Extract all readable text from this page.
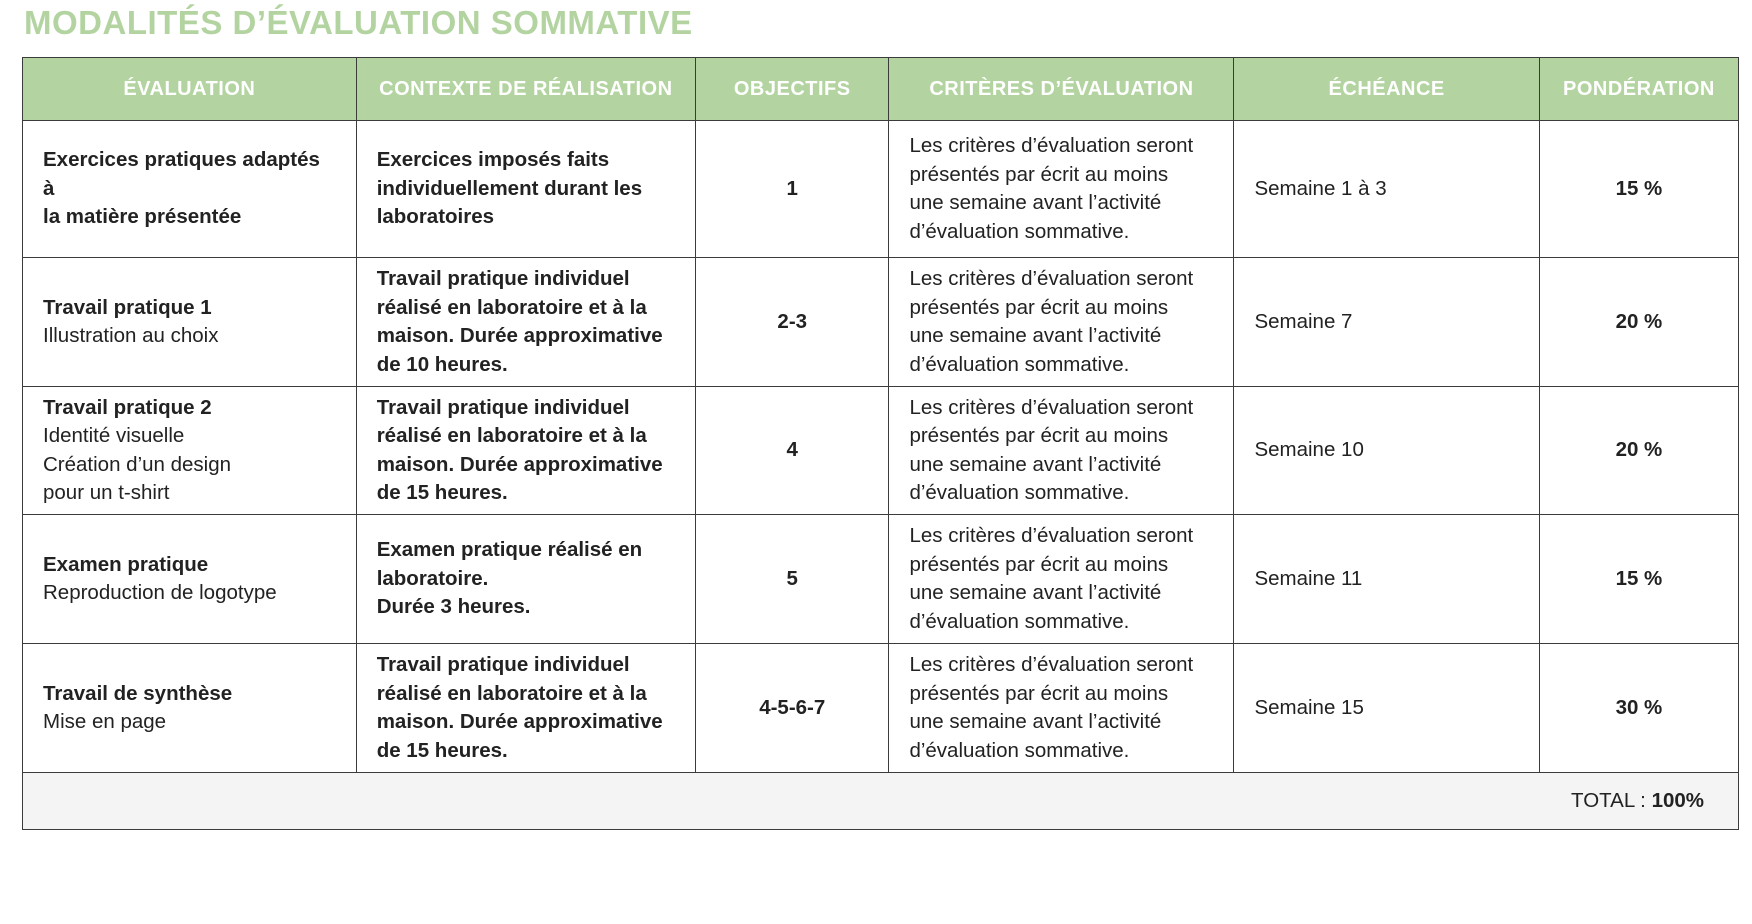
MODALITÉS D’ÉVALUATION SOMMATIVE
ÉVALUATION	CONTEXTE DE RÉALISATION	OBJECTIFS	CRITÈRES D’ÉVALUATION	ÉCHÉANCE	PONDÉRATION

Exercices pratiques adaptés à
la matière présentée	Exercices imposés faits
individuellement durant les
laboratoires	1	Les critères d’évaluation seront
présentés par écrit au moins
une semaine avant l’activité
d’évaluation sommative.	Semaine 1 à 3	15 %

Travail pratique 1
Illustration au choix	Travail pratique individuel
réalisé en laboratoire et à la
maison. Durée approximative
de 10 heures.	2-3	Les critères d’évaluation seront
présentés par écrit au moins
une semaine avant l’activité
d’évaluation sommative.	Semaine 7	20 %

Travail pratique 2
Identité visuelle
Création d’un design
pour un t-shirt	Travail pratique individuel
réalisé en laboratoire et à la
maison. Durée approximative
de 15 heures.	4	Les critères d’évaluation seront
présentés par écrit au moins
une semaine avant l’activité
d’évaluation sommative.	Semaine 10	20 %

Examen pratique
Reproduction de logotype	Examen pratique réalisé en
laboratoire.
Durée 3 heures.	5	Les critères d’évaluation seront
présentés par écrit au moins
une semaine avant l’activité
d’évaluation sommative.	Semaine 11	15 %

Travail de synthèse
Mise en page	Travail pratique individuel
réalisé en laboratoire et à la
maison. Durée approximative
de 15 heures.	4-5-6-7	Les critères d’évaluation seront
présentés par écrit au moins
une semaine avant l’activité
d’évaluation sommative.	Semaine 15	30 %
TOTAL : 100%					
